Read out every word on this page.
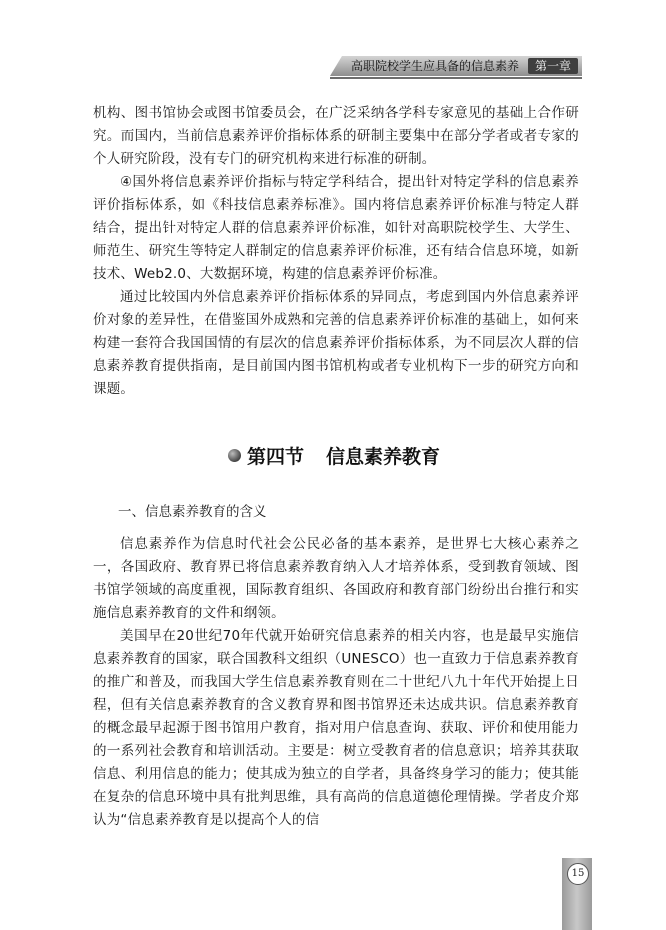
高职院校学生应具备的信息素养	第一章

机构、图书馆协会或图书馆委员会，在广泛采纳各学科专家意见的基础上合作研究。而国内，当前信息素养评价指标体系的研制主要集中在部分学者或者专家的个人研究阶段，没有专门的研究机构来进行标准的研制。

④国外将信息素养评价指标与特定学科结合，提出针对特定学科的信息素养评价指标体系，如《科技信息素养标准》。国内将信息素养评价标准与特定人群结合，提出针对特定人群的信息素养评价标准，如针对高职院校学生、大学生、师范生、研究生等特定人群制定的信息素养评价标准，还有结合信息环境，如新技术、Web2.0、大数据环境，构建的信息素养评价标准。

通过比较国内外信息素养评价指标体系的异同点，考虑到国内外信息素养评价对象的差异性，在借鉴国外成熟和完善的信息素养评价标准的基础上，如何来构建一套符合我国国情的有层次的信息素养评价指标体系，为不同层次人群的信息素养教育提供指南，是目前国内图书馆机构或者专业机构下一步的研究方向和课题。

第四节 信息素养教育
一、信息素养教育的含义

信息素养作为信息时代社会公民必备的基本素养，是世界七大核心素养之一，各国政府、教育界已将信息素养教育纳入人才培养体系，受到教育领域、图书馆学领域的高度重视，国际教育组织、各国政府和教育部门纷纷出台推行和实施信息素养教育的文件和纲领。

美国早在20世纪70年代就开始研究信息素养的相关内容，也是最早实施信息素养教育的国家，联合国教科文组织（UNESCO）也一直致力于信息素养教育的推广和普及，而我国大学生信息素养教育则在二十世纪八九十年代开始提上日程，但有关信息素养教育的含义教育界和图书馆界还未达成共识。信息素养教育的概念最早起源于图书馆用户教育，指对用户信息查询、获取、评价和使用能力的一系列社会教育和培训活动。主要是：树立受教育者的信息意识；培养其获取信息、利用信息的能力；使其成为独立的自学者，具备终身学习的能力；使其能在复杂的信息环境中具有批判思维，具有高尚的信息道德伦理情操。学者皮介郑认为“信息素养教育是以提高个人的信

15
